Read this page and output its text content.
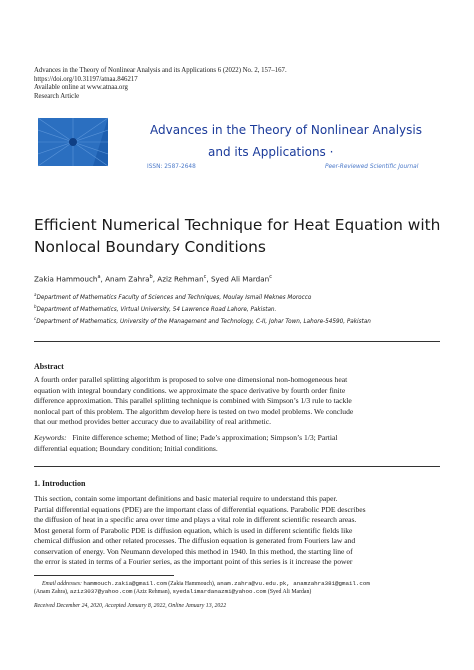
Advances in the Theory of Nonlinear Analysis and its Applications 6 (2022) No. 2, 157–167.
https://doi.org/10.31197/atnaa.846217
Available online at www.atnaa.org
Research Article
Advances in the Theory of Nonlinear Analysis
and its Applications ·
ISSN: 2587-2648	Peer-Reviewed Scientific Journal
Efficient Numerical Technique for Heat Equation with
Nonlocal Boundary Conditions
Zakia Hammouch$^a$, Anam Zahra$^b$, Aziz Rehman$^c$, Syed Ali Mardan$^c$
$^a$Department of Mathematics Faculty of Sciences and Techniques, Moulay Ismail Meknes Morocco
$^b$Department of Mathematics, Virtual University, 54 Lawrence Road Lahore, Pakistan.
$^c$Department of Mathematics, University of the Management and Technology, C-II, Johar Town, Lahore-54590, Pakistan
Abstract
A fourth order parallel splitting algorithm is proposed to solve one dimensional non-homogeneous heat
equation with integral boundary conditions. we approximate the space derivative by fourth order finite
difference approximation. This parallel splitting technique is combined with Simpson’s 1/3 rule to tackle
nonlocal part of this problem. The algorithm develop here is tested on two model problems. We conclude
that our method provides better accuracy due to availability of real arithmetic.
Keywords: Finite difference scheme; Method of line; Pade’s approximation; Simpson’s 1/3; Partial
differential equation; Boundary condition; Initial conditions.
1. Introduction
This section, contain some important definitions and basic material require to understand this paper.
Partial differential equations (PDE) are the important class of differential equations. Parabolic PDE describes
the diffusion of heat in a specific area over time and plays a vital role in different scientific research areas.
Most general form of Parabolic PDE is diffusion equation, which is used in different scientific fields like
chemical diffusion and other related processes. The diffusion equation is generated from Fouriers law and
conservation of energy. Von Neumann developed this method in 1940. In this method, the starting line of
the error is stated in terms of a Fourier series, as the important point of this series is it increase the power
Email addresses: hammouch.zakia@gmail.com (Zakia Hammouch), anam.zahra@vu.edu.pk, anamzahra381@gmail.com
(Anam Zahra), aziz3037@yahoo.com (Aziz Rehman), syedalimardanazmi@yahoo.com (Syed Ali Mardan)
Received December 24, 2020, Accepted January 8, 2022, Online January 13, 2022
